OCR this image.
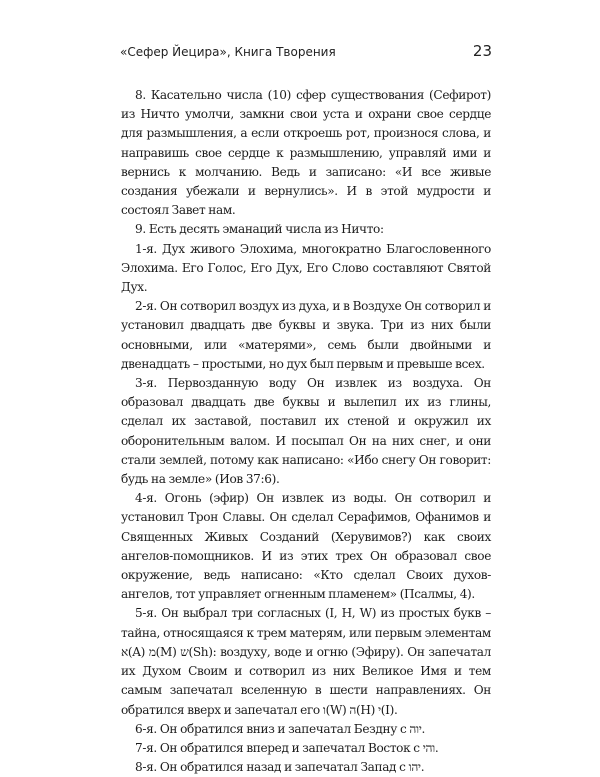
«Сефер Йецира», Книга Творения	23

8. Касательно числа (10) сфер существования (Сефирот) из Ничто умолчи, замкни свои уста и охрани свое сердце для размышления, а если откроешь рот, произнося слова, и направишь свое сердце к размышлению, управляй ими и вернись к молчанию. Ведь и записано: «И все живые создания убежали и вернулись». И в этой мудрости и состоял Завет нам.

9. Есть десять эманаций числа из Ничто:

1-я. Дух живого Элохима, многократно Благословенного Элохима. Его Голос, Его Дух, Его Слово составляют Святой Дух.

2-я. Он сотворил воздух из духа, и в Воздухе Он сотворил и установил двадцать две буквы и звука. Три из них были основными, или «матерями», семь были двойными и двенадцать – простыми, но дух был первым и превыше всех.

3-я. Первозданную воду Он извлек из воздуха. Он образовал двадцать две буквы и вылепил их из глины, сделал их заставой, поставил их стеной и окружил их оборонительным валом. И посыпал Он на них снег, и они стали землей, потому как написано: «Ибо снегу Он говорит: будь на земле» (Иов 37:6).

4-я. Огонь (эфир) Он извлек из воды. Он сотворил и установил Трон Славы. Он сделал Серафимов, Офанимов и Священных Живых Созданий (Херувимов?) как своих ангелов-помощников. И из этих трех Он образовал свое окружение, ведь написано: «Кто сделал Своих духов-ангелов, тот управляет огненным пламенем» (Псалмы, 4).

5-я. Он выбрал три согласных (I, H, W) из простых букв – тайна, относящаяся к трем матерям, или первым элементам א(A) מ(M) ש(Sh): воздуху, воде и огню (Эфиру). Он запечатал их Духом Своим и сотворил из них Великое Имя и тем самым запечатал вселенную в шести направлениях. Он обратился вверх и запечатал его ו(W) ה(H) י(I).

6-я. Он обратился вниз и запечатал Бездну с יוה.

7-я. Он обратился вперед и запечатал Восток с והי.

8-я. Он обратился назад и запечатал Запад с יהו.
